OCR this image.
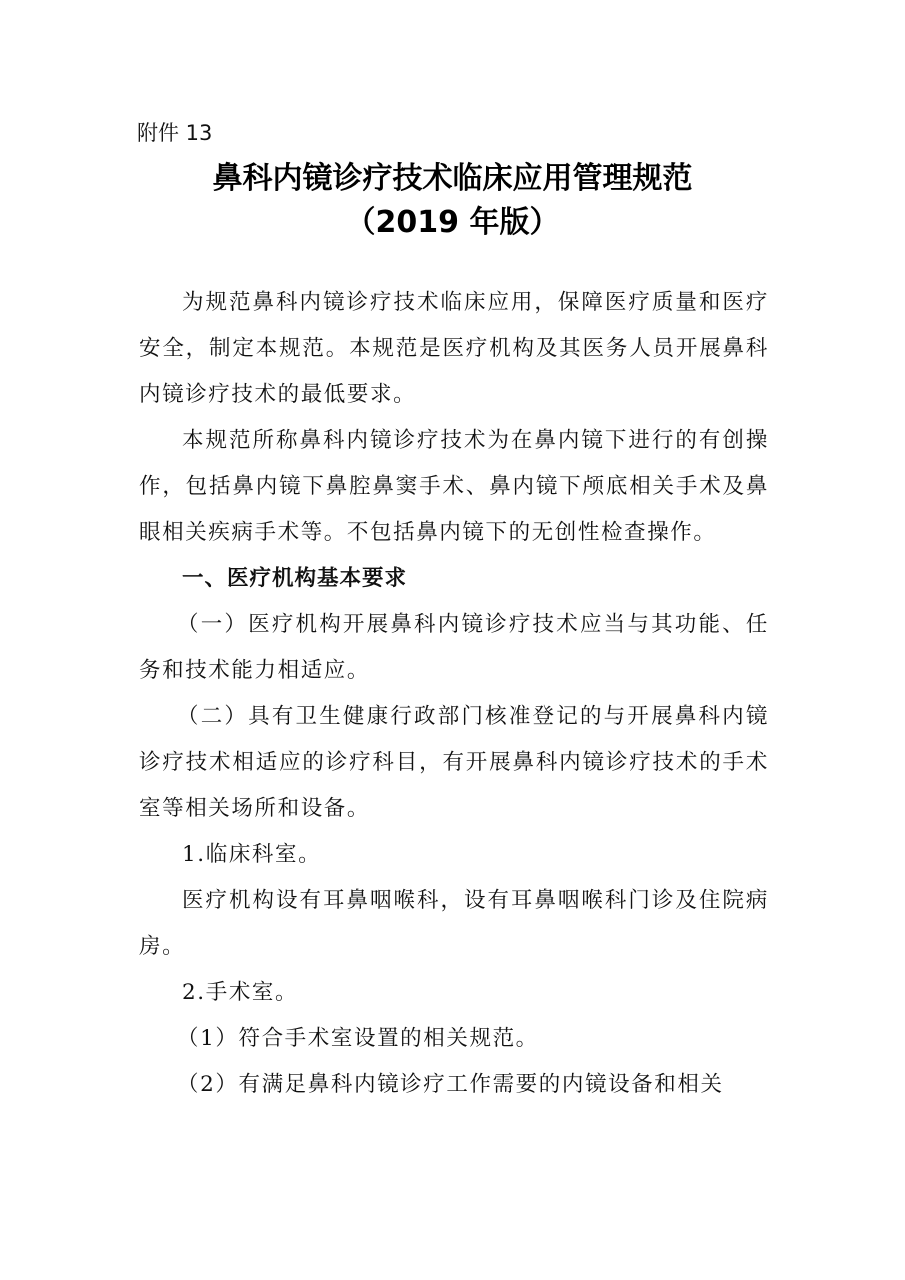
附件 13
鼻科内镜诊疗技术临床应用管理规范
（2019 年版）

为规范鼻科内镜诊疗技术临床应用，保障医疗质量和医疗安全，制定本规范。本规范是医疗机构及其医务人员开展鼻科内镜诊疗技术的最低要求。

本规范所称鼻科内镜诊疗技术为在鼻内镜下进行的有创操作，包括鼻内镜下鼻腔鼻窦手术、鼻内镜下颅底相关手术及鼻眼相关疾病手术等。不包括鼻内镜下的无创性检查操作。

一、医疗机构基本要求

（一）医疗机构开展鼻科内镜诊疗技术应当与其功能、任务和技术能力相适应。

（二）具有卫生健康行政部门核准登记的与开展鼻科内镜诊疗技术相适应的诊疗科目，有开展鼻科内镜诊疗技术的手术室等相关场所和设备。

1.临床科室。

医疗机构设有耳鼻咽喉科，设有耳鼻咽喉科门诊及住院病房。

2.手术室。

（1）符合手术室设置的相关规范。

（2）有满足鼻科内镜诊疗工作需要的内镜设备和相关
